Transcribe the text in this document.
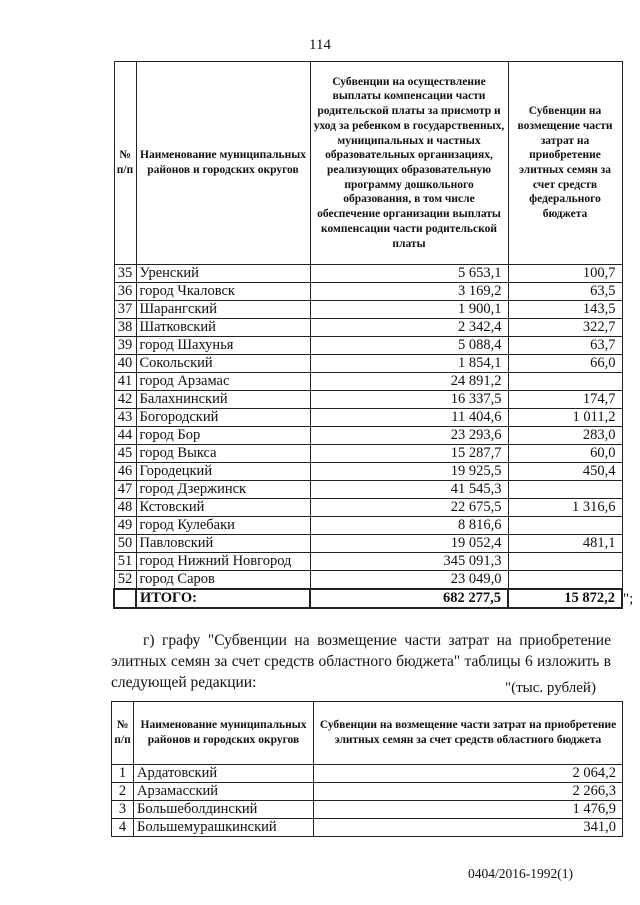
114
№ п/п	Наименование муниципальных районов и городских округов	Субвенции на осуществление выплаты компенсации части родительской платы за присмотр и уход за ребенком в государственных, муниципальных и частных образовательных организациях, реализующих образовательную программу дошкольного образования, в том числе обеспечение организации выплаты компенсации части родительской платы	Субвенции на возмещение части затрат на приобретение элитных семян за счет средств федерального бюджета
35	Уренский	5 653,1	100,7
36	город Чкаловск	3 169,2	63,5
37	Шарангский	1 900,1	143,5
38	Шатковский	2 342,4	322,7
39	город Шахунья	5 088,4	63,7
40	Сокольский	1 854,1	66,0
41	город Арзамас	24 891,2	
42	Балахнинский	16 337,5	174,7
43	Богородский	11 404,6	1 011,2
44	город Бор	23 293,6	283,0
45	город Выкса	15 287,7	60,0
46	Городецкий	19 925,5	450,4
47	город Дзержинск	41 545,3	
48	Кстовский	22 675,5	1 316,6
49	город Кулебаки	8 816,6	
50	Павловский	19 052,4	481,1
51	город Нижний Новгород	345 091,3	
52	город Саров	23 049,0	
	ИТОГО:	682 277,5	15 872,2 ";
г) графу "Субвенции на возмещение части затрат на приобретение элитных семян за счет средств областного бюджета" таблицы 6 изложить в следующей редакции:	"(тыс. рублей)
№ п/п	Наименование муниципальных районов и городских округов	Субвенции на возмещение части затрат на приобретение элитных семян за счет средств областного бюджета
1	Ардатовский	2 064,2
2	Арзамасский	2 266,3
3	Большеболдинский	1 476,9
4	Большемурашкинский	341,0
0404/2016-1992(1)
